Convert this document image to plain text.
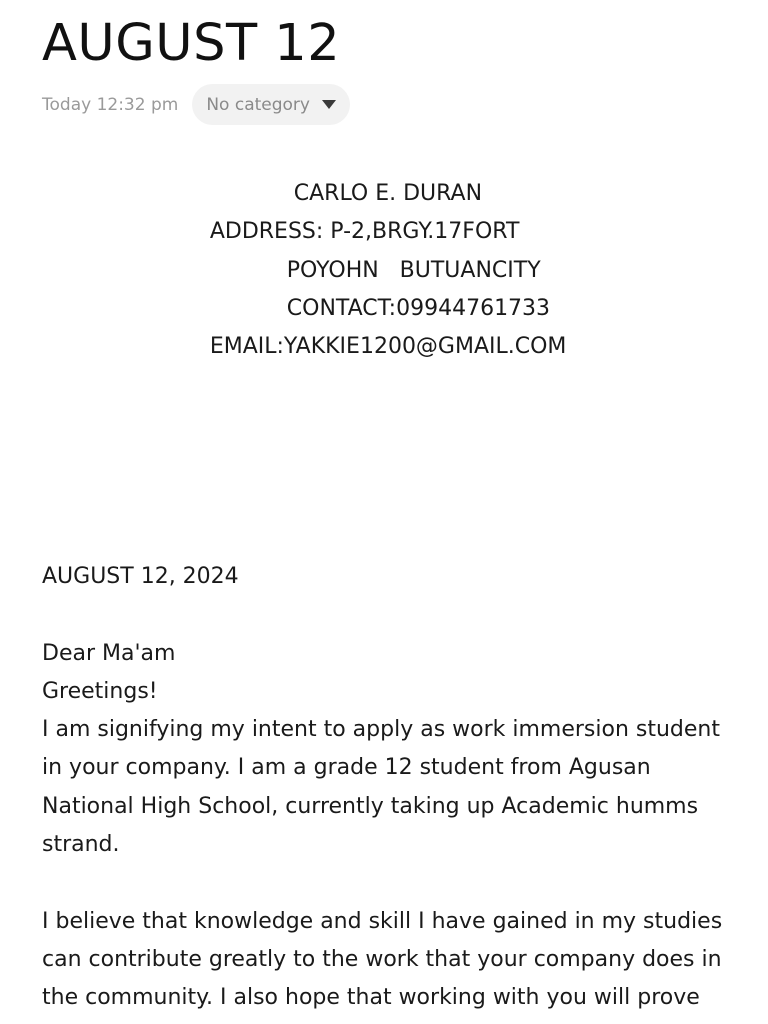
AUGUST 12
Today 12:32 pm No category
CARLO E. DURAN
ADDRESS: P-2,BRGY.17FORT
POYOHN   BUTUANCITY
CONTACT:09944761733
EMAIL:YAKKIE1200@GMAIL.COM
AUGUST 12, 2024
Dear Ma'am
Greetings!
I am signifying my intent to apply as work immersion student in your company. I am a grade 12 student from Agusan National High School, currently taking up Academic humms strand.
I believe that knowledge and skill I have gained in my studies can contribute greatly to the work that your company does in the community. I also hope that working with you will prove
